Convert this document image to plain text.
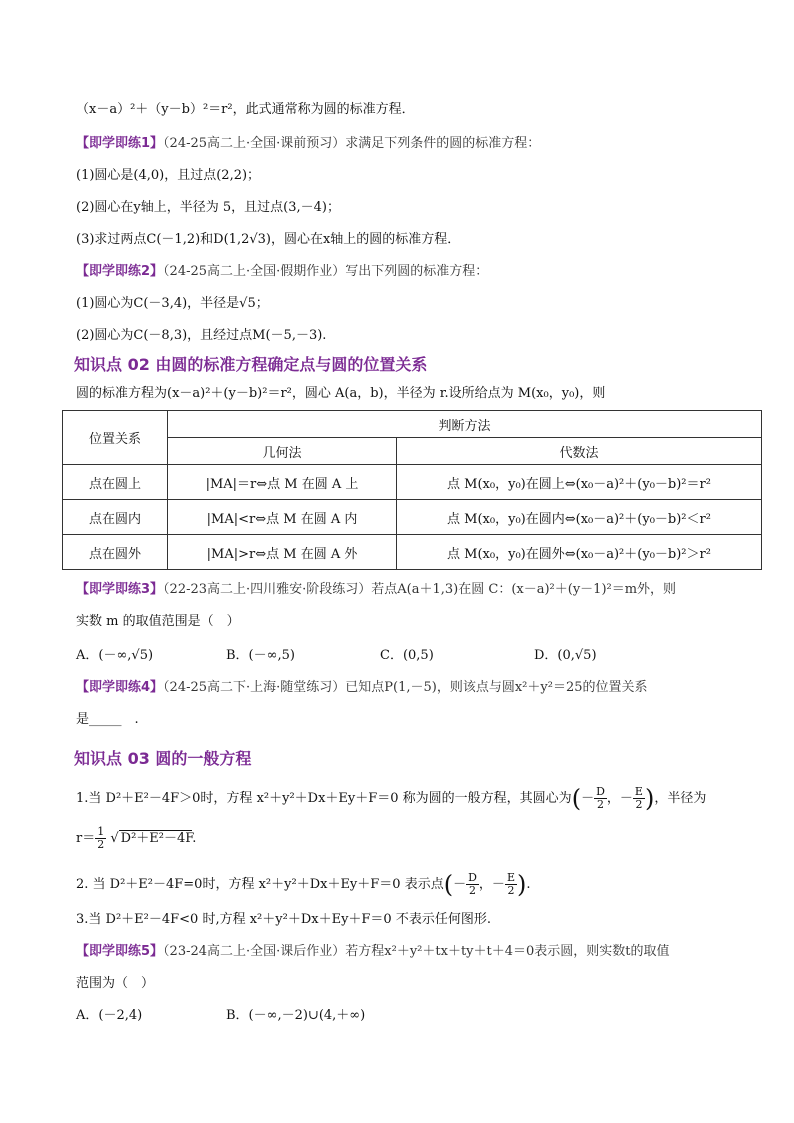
（x－a）²＋（y－b）²＝r²，此式通常称为圆的标准方程．
【即学即练1】（24-25高二上·全国·课前预习）求满足下列条件的圆的标准方程：
(1)圆心是(4,0)，且过点(2,2)；
(2)圆心在y轴上，半径为 5，且过点(3,－4)；
(3)求过两点C(－1,2)和D(1,2√3)，圆心在x轴上的圆的标准方程．
【即学即练2】（24-25高二上·全国·假期作业）写出下列圆的标准方程：
(1)圆心为C(－3,4)，半径是√5；
(2)圆心为C(－8,3)，且经过点M(－5,－3).
知识点 02 由圆的标准方程确定点与圆的位置关系
圆的标准方程为(x－a)²＋(y－b)²＝r²，圆心 A(a，b)，半径为 r.设所给点为 M(x₀，y₀)，则
位置关系	判断方法	
	几何法	代数法
点在圆上	|MA|＝r⇔点 M 在圆 A 上	点 M(x₀，y₀)在圆上⇔(x₀－a)²＋(y₀－b)²＝r²
点在圆内	|MA|<r⇔点 M 在圆 A 内	点 M(x₀，y₀)在圆内⇔(x₀－a)²＋(y₀－b)²＜r²
点在圆外	|MA|>r⇔点 M 在圆 A 外	点 M(x₀，y₀)在圆外⇔(x₀－a)²＋(y₀－b)²＞r²
【即学即练3】（22-23高二上·四川雅安·阶段练习）若点A(a＋1,3)在圆 C：(x－a)²＋(y－1)²＝m外，则
实数 m 的取值范围是（　）
A．(－∞,√5)	B．(－∞,5)	C．(0,5)	D．(0,√5)
【即学即练4】（24-25高二下·上海·随堂练习）已知点P(1,－5)，则该点与圆x²＋y²＝25的位置关系
是_____　.
知识点 03 圆的一般方程
1.当 D²＋E²－4F＞0时，方程 x²＋y²＋Dx＋Ey＋F＝0 称为圆的一般方程，其圆心为(－ $\frac{D}{2}$ ，－ $\frac{E}{2}$ )，半径为
$r= \frac{1}{2}$ √ D²＋E²－4F.
2. 当 D²＋E²－4F=0时，方程 x²＋y²＋Dx＋Ey＋F＝0 表示点(－ $\frac{D}{2}$ ，－ $\frac{E}{2}$ ).
3.当 D²＋E²－4F<0 时,方程 x²＋y²＋Dx＋Ey＋F＝0 不表示任何图形.
【即学即练5】（23-24高二上·全国·课后作业）若方程x²＋y²＋tx＋ty＋t＋4＝0表示圆，则实数t的取值
范围为（　）
A．(－2,4)	B．(－∞,－2)∪(4,＋∞)
